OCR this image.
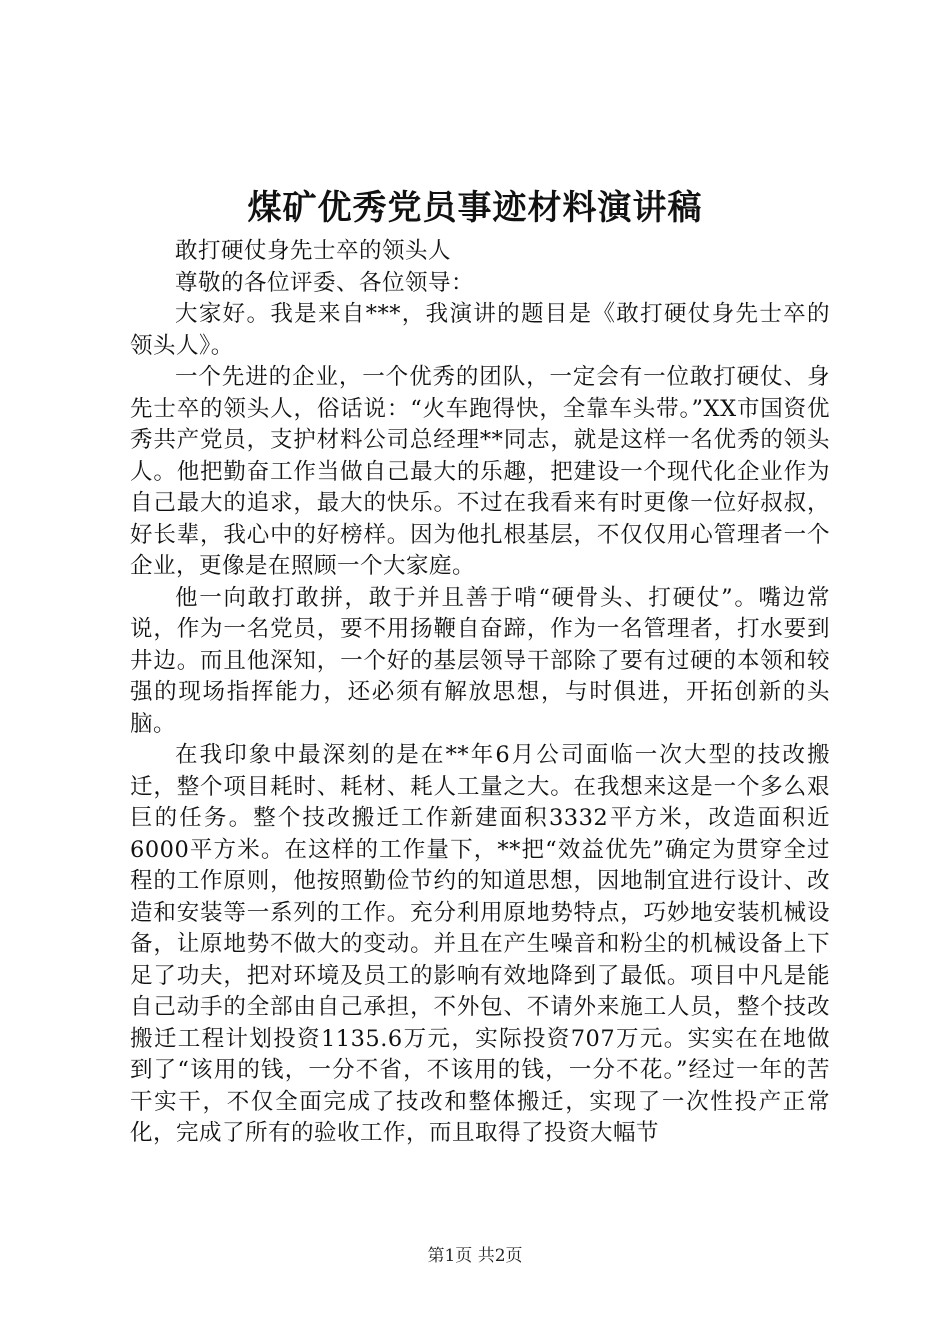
煤矿优秀党员事迹材料演讲稿

敢打硬仗身先士卒的领头人

尊敬的各位评委、各位领导：

大家好。我是来自***，我演讲的题目是《敢打硬仗身先士卒的领头人》。

一个先进的企业，一个优秀的团队，一定会有一位敢打硬仗、身先士卒的领头人，俗话说：“火车跑得快，全靠车头带。”XX市国资优秀共产党员，支护材料公司总经理**同志，就是这样一名优秀的领头人。他把勤奋工作当做自己最大的乐趣，把建设一个现代化企业作为自己最大的追求，最大的快乐。不过在我看来有时更像一位好叔叔，好长辈，我心中的好榜样。因为他扎根基层，不仅仅用心管理者一个企业，更像是在照顾一个大家庭。

他一向敢打敢拼，敢于并且善于啃“硬骨头、打硬仗”。嘴边常说，作为一名党员，要不用扬鞭自奋蹄，作为一名管理者，打水要到井边。而且他深知，一个好的基层领导干部除了要有过硬的本领和较强的现场指挥能力，还必须有解放思想，与时俱进，开拓创新的头脑。

在我印象中最深刻的是在**年6月公司面临一次大型的技改搬迁，整个项目耗时、耗材、耗人工量之大。在我想来这是一个多么艰巨的任务。整个技改搬迁工作新建面积3332平方米，改造面积近6000平方米。在这样的工作量下，**把“效益优先”确定为贯穿全过程的工作原则，他按照勤俭节约的知道思想，因地制宜进行设计、改造和安装等一系列的工作。充分利用原地势特点，巧妙地安装机械设备，让原地势不做大的变动。并且在产生噪音和粉尘的机械设备上下足了功夫，把对环境及员工的影响有效地降到了最低。项目中凡是能自己动手的全部由自己承担，不外包、不请外来施工人员，整个技改搬迁工程计划投资1135.6万元，实际投资707万元。实实在在地做到了“该用的钱，一分不省，不该用的钱，一分不花。”经过一年的苦干实干，不仅全面完成了技改和整体搬迁，实现了一次性投产正常化，完成了所有的验收工作，而且取得了投资大幅节

第1页 共2页
